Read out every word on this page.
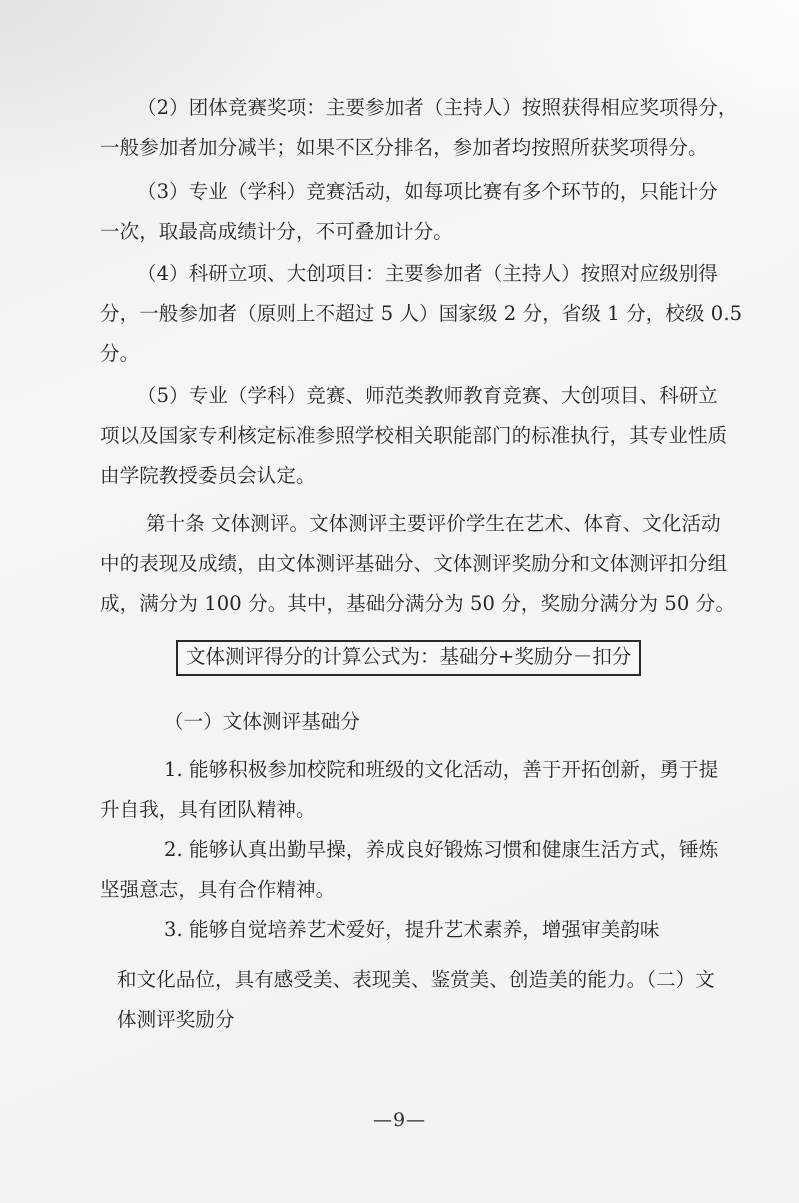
（2）团体竞赛奖项：主要参加者（主持人）按照获得相应奖项得分，
一般参加者加分减半；如果不区分排名，参加者均按照所获奖项得分。
（3）专业（学科）竞赛活动，如每项比赛有多个环节的，只能计分
一次，取最高成绩计分，不可叠加计分。
（4）科研立项、大创项目：主要参加者（主持人）按照对应级别得
分，一般参加者（原则上不超过 5 人）国家级 2 分，省级 1 分，校级 0.5
分。
（5）专业（学科）竞赛、师范类教师教育竞赛、大创项目、科研立
项以及国家专利核定标准参照学校相关职能部门的标准执行，其专业性质
由学院教授委员会认定。
第十条 文体测评。文体测评主要评价学生在艺术、体育、文化活动
中的表现及成绩，由文体测评基础分、文体测评奖励分和文体测评扣分组
成，满分为 100 分。其中，基础分满分为 50 分，奖励分满分为 50 分。
文体测评得分的计算公式为：基础分+奖励分－扣分
（一）文体测评基础分
1. 能够积极参加校院和班级的文化活动，善于开拓创新，勇于提
升自我，具有团队精神。
2. 能够认真出勤早操，养成良好锻炼习惯和健康生活方式，锤炼
坚强意志，具有合作精神。
3. 能够自觉培养艺术爱好，提升艺术素养，增强审美韵味
和文化品位，具有感受美、表现美、鉴赏美、创造美的能力。（二）文
体测评奖励分
—9—
